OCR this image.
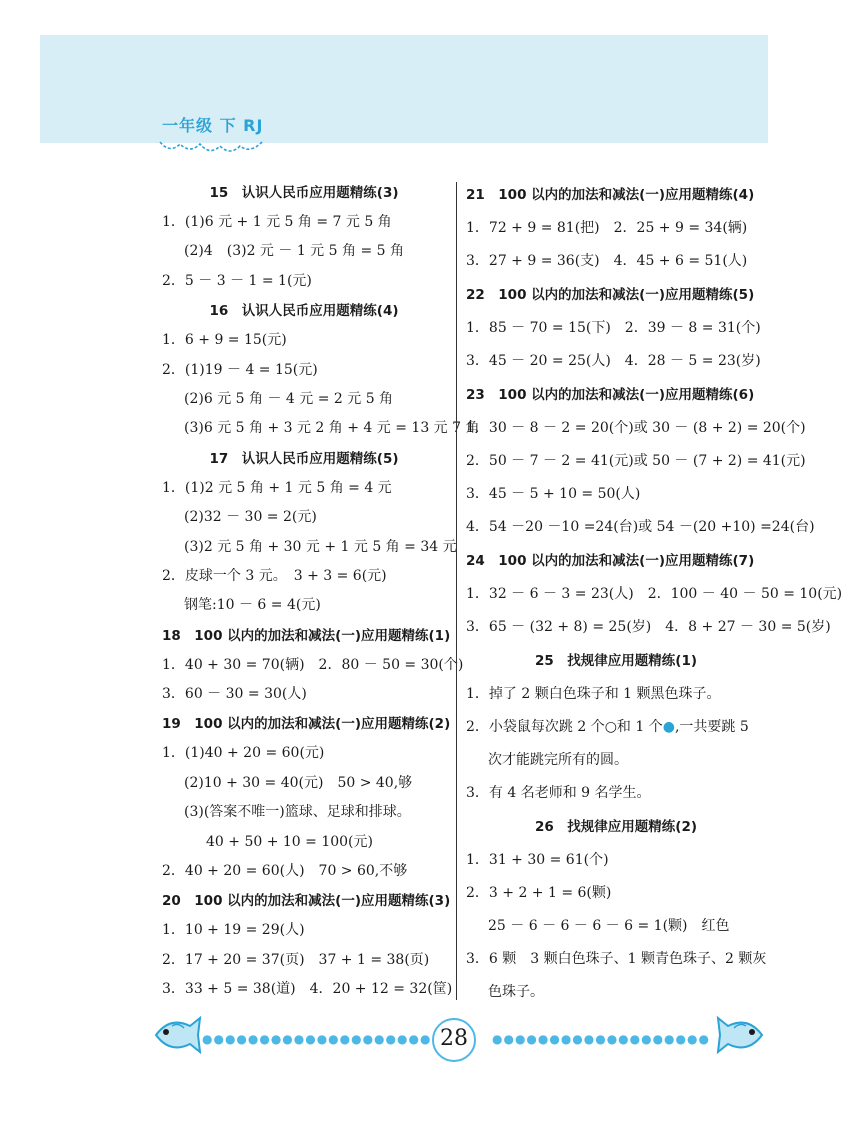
一年级 下 RJ
15　认识人民币应用题精练(3)
1．(1)6 元 + 1 元 5 角 = 7 元 5 角
(2)4　(3)2 元 － 1 元 5 角 = 5 角
2．5 － 3 － 1 = 1(元)
16　认识人民币应用题精练(4)
1．6 + 9 = 15(元)
2．(1)19 － 4 = 15(元)
(2)6 元 5 角 － 4 元 = 2 元 5 角
(3)6 元 5 角 + 3 元 2 角 + 4 元 = 13 元 7 角
17　认识人民币应用题精练(5)
1．(1)2 元 5 角 + 1 元 5 角 = 4 元
(2)32 － 30 = 2(元)
(3)2 元 5 角 + 30 元 + 1 元 5 角 = 34 元
2．皮球一个 3 元。　3 + 3 = 6(元)
钢笔:10 － 6 = 4(元)
18　100 以内的加法和减法(一)应用题精练(1)
1．40 + 30 = 70(辆)　2．80 － 50 = 30(个)
3．60 － 30 = 30(人)
19　100 以内的加法和减法(一)应用题精练(2)
1．(1)40 + 20 = 60(元)
(2)10 + 30 = 40(元)　50 > 40,够
(3)(答案不唯一)篮球、足球和排球。
40 + 50 + 10 = 100(元)
2．40 + 20 = 60(人)　70 > 60,不够
20　100 以内的加法和减法(一)应用题精练(3)
1．10 + 19 = 29(人)
2．17 + 20 = 37(页)　37 + 1 = 38(页)
3．33 + 5 = 38(道)　4．20 + 12 = 32(筐)
21　100 以内的加法和减法(一)应用题精练(4)
1．72 + 9 = 81(把)　2．25 + 9 = 34(辆)
3．27 + 9 = 36(支)　4．45 + 6 = 51(人)
22　100 以内的加法和减法(一)应用题精练(5)
1．85 － 70 = 15(下)　2．39 － 8 = 31(个)
3．45 － 20 = 25(人)　4．28 － 5 = 23(岁)
23　100 以内的加法和减法(一)应用题精练(6)
1．30 － 8 － 2 = 20(个)或 30 － (8 + 2) = 20(个)
2．50 － 7 － 2 = 41(元)或 50 － (7 + 2) = 41(元)
3．45 － 5 + 10 = 50(人)
4．54 －20 －10 =24(台)或 54 －(20 +10) =24(台)
24　100 以内的加法和减法(一)应用题精练(7)
1．32 － 6 － 3 = 23(人)　2．100 － 40 － 50 = 10(元)
3．65 － (32 + 8) = 25(岁)　4．8 + 27 － 30 = 5(岁)
25　找规律应用题精练(1)
1．掉了 2 颗白色珠子和 1 颗黑色珠子。
2．小袋鼠每次跳 2 个○和 1 个●,一共要跳 5
次才能跳完所有的圆。
3．有 4 名老师和 9 名学生。
26　找规律应用题精练(2)
1．31 + 30 = 61(个)
2．3 + 2 + 1 = 6(颗)
25 － 6 － 6 － 6 － 6 = 1(颗)　红色
3．6 颗　3 颗白色珠子、1 颗青色珠子、2 颗灰
色珠子。
●●●●●●●●●●●●●●●●●●●● 28	●●●●●●●●●●●●●●●●●●●
